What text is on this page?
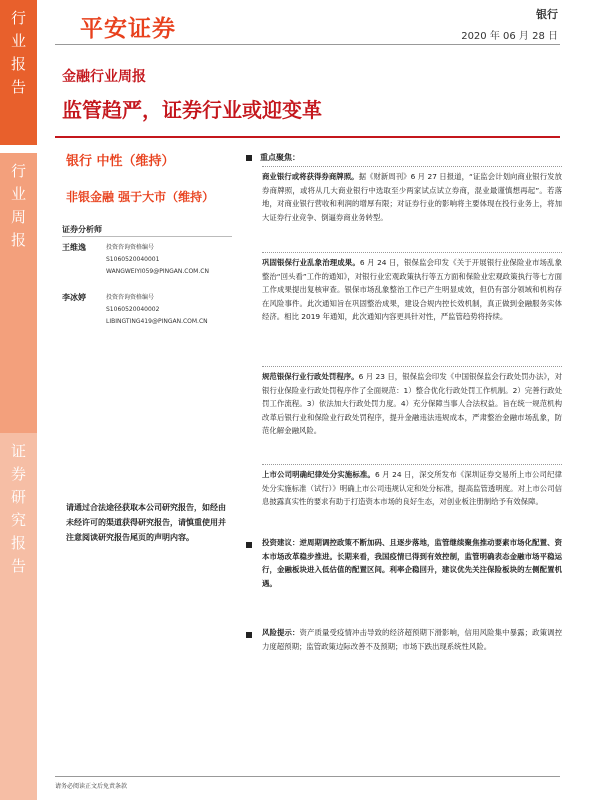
行业报告
行业周报
证券研究报告
平安证券
银行
2020 年 06 月 28 日
金融行业周报
监管趋严，证券行业或迎变革
银行 中性（维持）
非银金融 强于大市（维持）
证券分析师
王维逸	投资咨询资格编号
S1060520040001
WANGWEIYI059@PINGAN.COM.CN
李冰婷	投资咨询资格编号
S1060520040002
LIBINGTING419@PINGAN.COM.CN
请通过合法途径获取本公司研究报告，如经由未经许可的渠道获得研究报告，请慎重使用并注意阅读研究报告尾页的声明内容。
重点聚焦：
商业银行或将获得券商牌照。据《财新周刊》6 月 27 日报道，“证监会计划向商业银行发放券商牌照，或将从几大商业银行中选取至少两家试点试立券商，混业最谨慎想再起”。若落地，对商业银行营收和利润的增厚有限；对证券行业的影响将主要体现在投行业务上，将加大证券行业竞争、倒逼券商业务转型。
巩固银保行业乱象治理成果。6 月 24 日，银保监会印发《关于开展银行业保险业市场乱象整治“回头看”工作的通知》，对银行业宏观政策执行等五方面和保险业宏观政策执行等七方面工作成果提出复核审查。银保市场乱象整治工作已产生明显成效，但仍有部分领域和机构存在风险事件。此次通知旨在巩固整治成果，建设合规内控长效机制，真正做到金融服务实体经济。相比 2019 年通知，此次通知内容更具针对性，严监管趋势将持续。
规范银保行业行政处罚程序。6 月 23 日，银保监会印发《中国银保监会行政处罚办法》，对银行业保险业行政处罚程序作了全面规范：1）整合优化行政处罚工作机制。2）完善行政处罚工作流程。3）依法加大行政处罚力度。4）充分保障当事人合法权益。旨在统一规范机构改革后银行业和保险业行政处罚程序，提升金融违法违规成本，严肃整治金融市场乱象，防范化解金融风险。
上市公司明确纪律处分实施标准。6 月 24 日，深交所发布《深圳证券交易所上市公司纪律处分实施标准（试行）》明确上市公司违规认定和处分标准，提高监管透明度。对上市公司信息披露真实性的要求有助于打造资本市场的良好生态，对创业板注册制给予有效保障。
投资建议：逆周期调控政策不断加码、且逐步落地，监管继续聚焦推动要素市场化配置、资本市场改革稳步推进。长期来看，我国疫情已得到有效控制，监管明确表态金融市场平稳运行，金融板块进入低估值的配置区间。利率企稳回升，建议优先关注保险板块的左侧配置机遇。
风险提示：资产质量受疫情冲击导致的经济超预期下滑影响，信用风险集中暴露；政策调控力度超预期；监管政策边际改善不及预期；市场下跌出现系统性风险。
请务必阅读正文后免责条款
